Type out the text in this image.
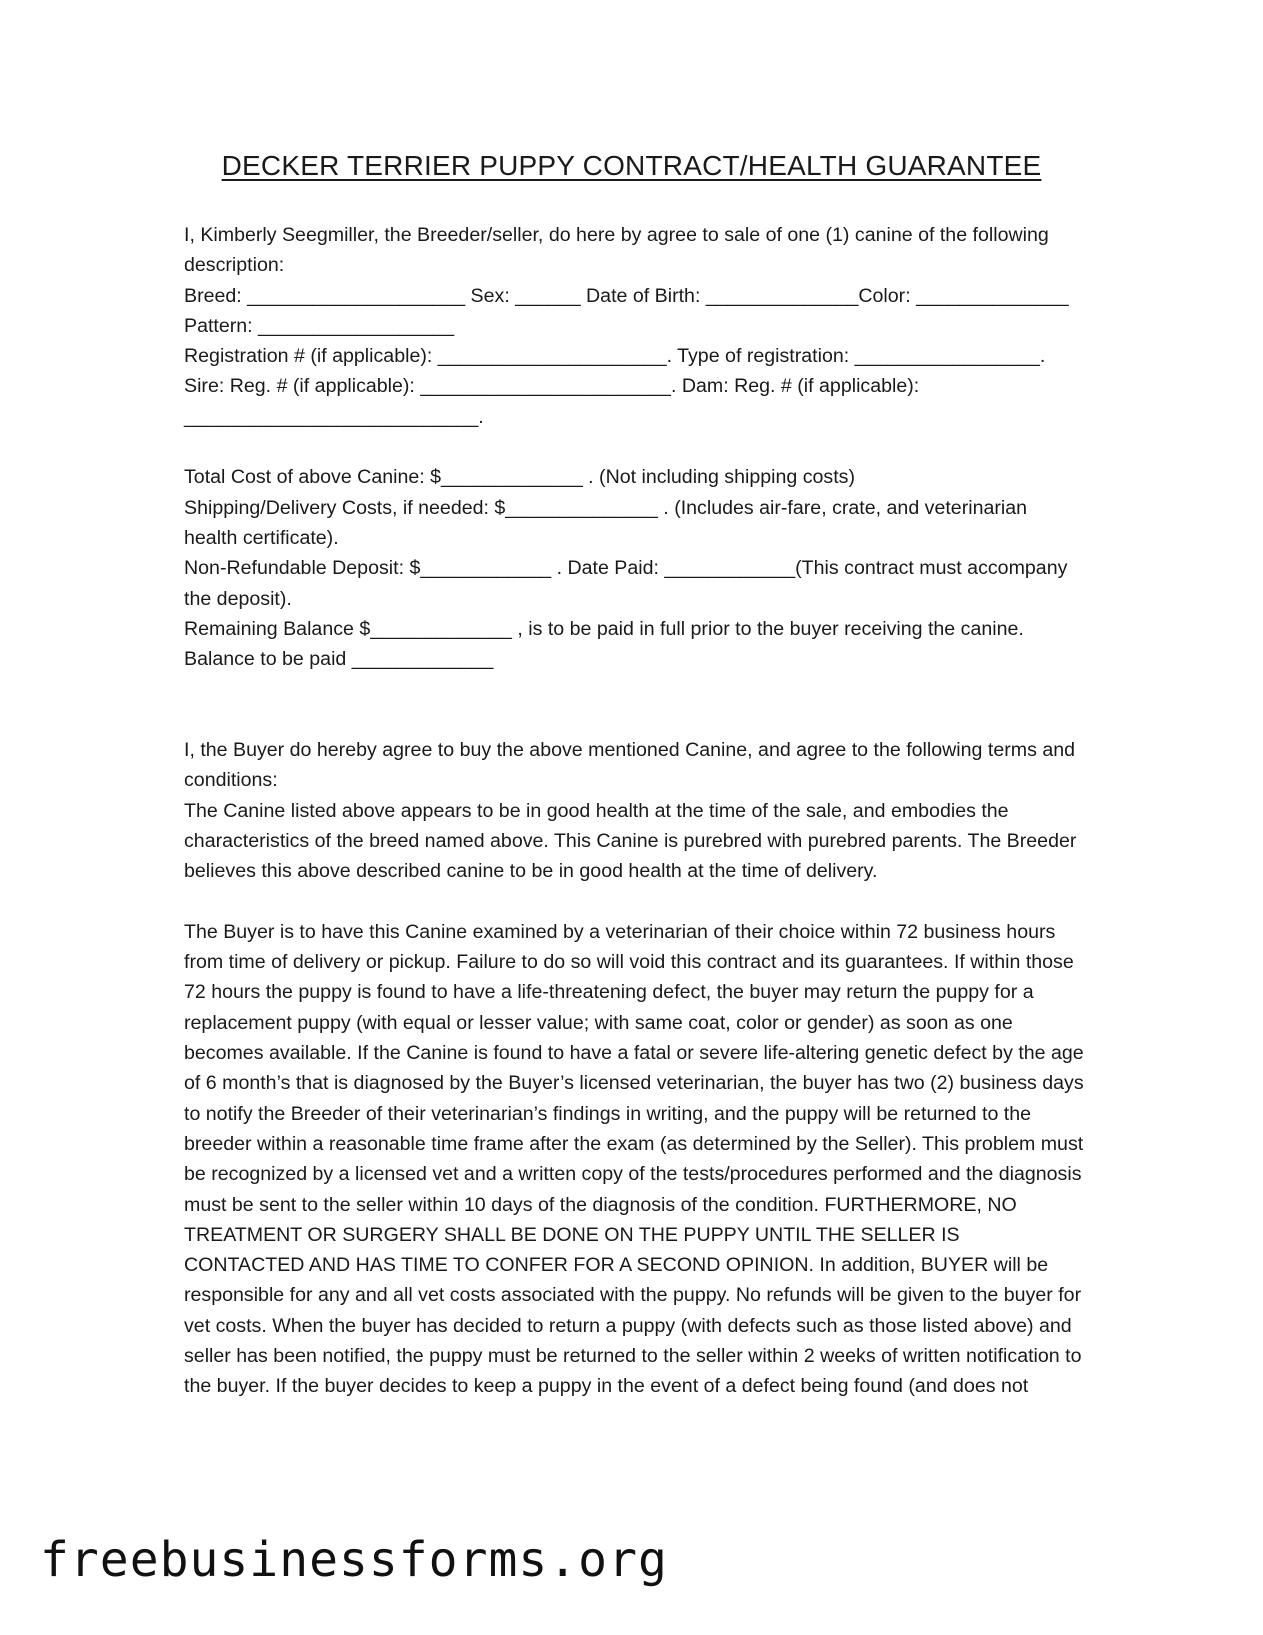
DECKER TERRIER PUPPY CONTRACT/HEALTH GUARANTEE

I, Kimberly Seegmiller, the Breeder/seller, do here by agree to sale of one (1) canine of the following description:

Breed: ____________________ Sex: ______ Date of Birth: ______________Color: ______________ Pattern: __________________

Registration # (if applicable): _____________________. Type of registration: _________________.

Sire: Reg. # (if applicable): _______________________. Dam: Reg. # (if applicable): ___________________________.

Total Cost of above Canine: $_____________ . (Not including shipping costs)

Shipping/Delivery Costs, if needed: $______________ . (Includes air-fare, crate, and veterinarian health certificate).

Non-Refundable Deposit: $____________ . Date Paid: ____________(This contract must accompany the deposit).

Remaining Balance $_____________ , is to be paid in full prior to the buyer receiving the canine.

Balance to be paid _____________

I, the Buyer do hereby agree to buy the above mentioned Canine, and agree to the following terms and conditions:

The Canine listed above appears to be in good health at the time of the sale, and embodies the characteristics of the breed named above. This Canine is purebred with purebred parents. The Breeder believes this above described canine to be in good health at the time of delivery.

The Buyer is to have this Canine examined by a veterinarian of their choice within 72 business hours from time of delivery or pickup. Failure to do so will void this contract and its guarantees. If within those 72 hours the puppy is found to have a life-threatening defect, the buyer may return the puppy for a replacement puppy (with equal or lesser value; with same coat, color or gender) as soon as one becomes available. If the Canine is found to have a fatal or severe life-altering genetic defect by the age of 6 month’s that is diagnosed by the Buyer’s licensed veterinarian, the buyer has two (2) business days to notify the Breeder of their veterinarian’s findings in writing, and the puppy will be returned to the breeder within a reasonable time frame after the exam (as determined by the Seller). This problem must be recognized by a licensed vet and a written copy of the tests/procedures performed and the diagnosis must be sent to the seller within 10 days of the diagnosis of the condition. FURTHERMORE, NO TREATMENT OR SURGERY SHALL BE DONE ON THE PUPPY UNTIL THE SELLER IS CONTACTED AND HAS TIME TO CONFER FOR A SECOND OPINION. In addition, BUYER will be responsible for any and all vet costs associated with the puppy. No refunds will be given to the buyer for vet costs. When the buyer has decided to return a puppy (with defects such as those listed above) and seller has been notified, the puppy must be returned to the seller within 2 weeks of written notification to the buyer. If the buyer decides to keep a puppy in the event of a defect being found (and does not

freebusinessforms.org
